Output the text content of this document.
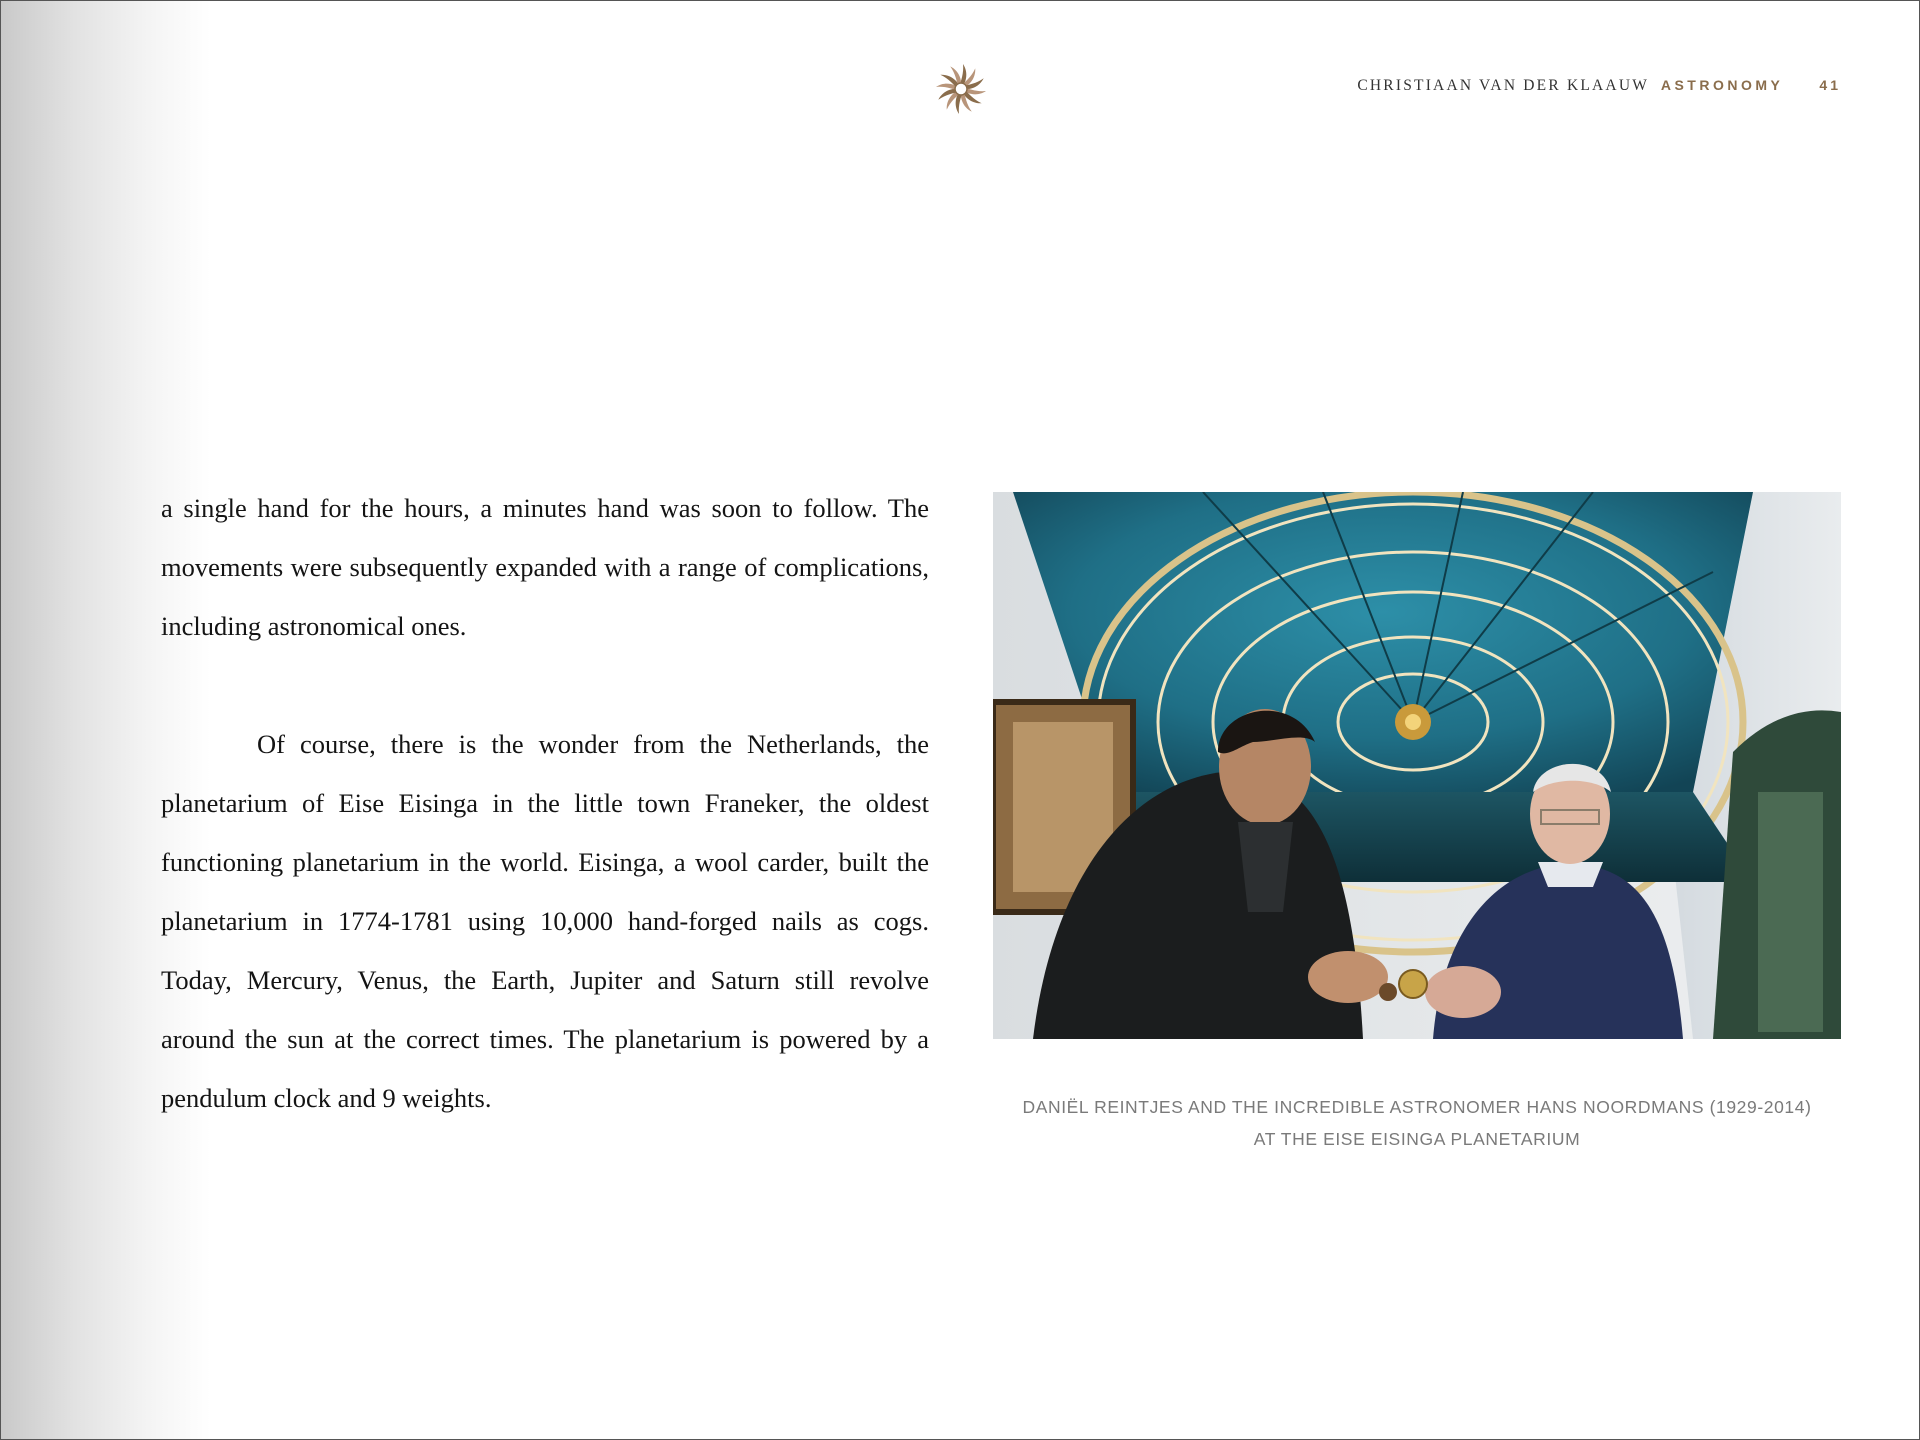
CHRISTIAAN VAN DER KLAAUW ASTRONOMY	41

a single hand for the hours, a minutes hand was soon to follow. The movements were subsequently expanded with a range of complications, including astronomical ones.

Of course, there is the wonder from the Netherlands, the planetarium of Eise Eisinga in the little town Franeker, the oldest functioning planetarium in the world. Eisinga, a wool carder, built the planetarium in 1774-1781 using 10,000 hand-forged nails as cogs. Today, Mercury, Venus, the Earth, Jupiter and Saturn still revolve around the sun at the correct times. The planetarium is powered by a pendulum clock and 9 weights.	DANIËL REINTJES AND THE INCREDIBLE ASTRONOMER HANS NOORDMANS (1929-2014)
AT THE EISE EISINGA PLANETARIUM
